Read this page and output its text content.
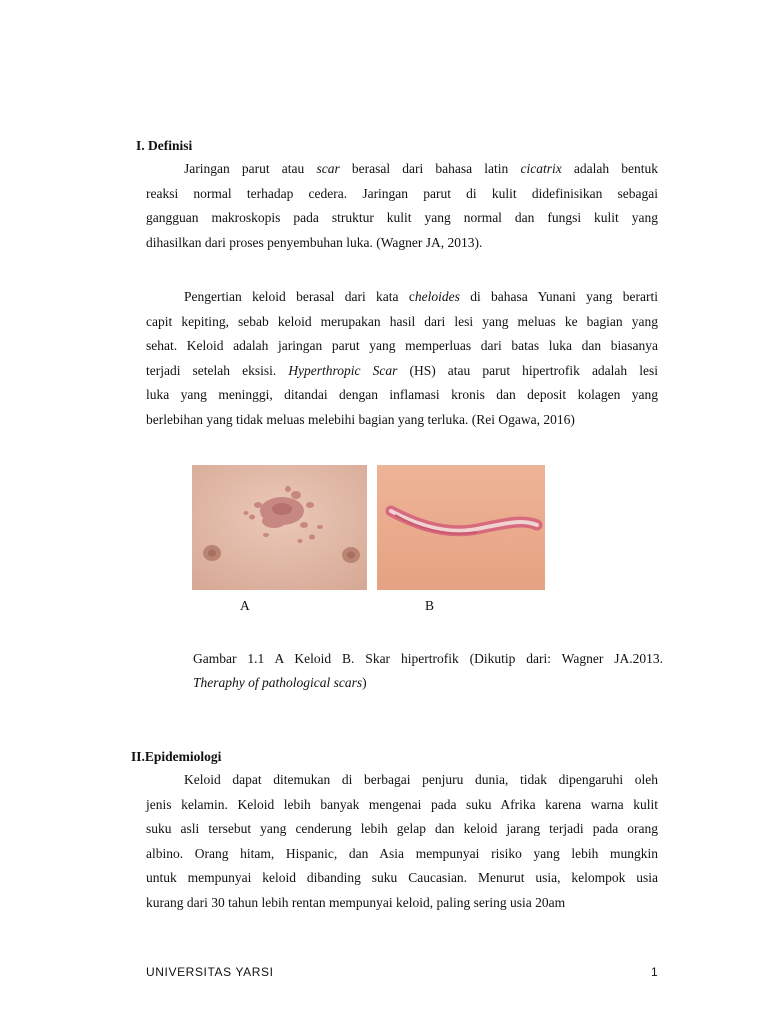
I. Definisi
Jaringan parut atau scar berasal dari bahasa latin cicatrix adalah bentuk
reaksi normal terhadap cedera. Jaringan parut di kulit didefinisikan sebagai
gangguan makroskopis pada struktur kulit yang normal dan fungsi kulit yang
dihasilkan dari proses penyembuhan luka. (Wagner JA, 2013).
Pengertian keloid berasal dari kata cheloides di bahasa Yunani yang berarti
capit kepiting, sebab keloid merupakan hasil dari lesi yang meluas ke bagian yang
sehat. Keloid adalah jaringan parut yang memperluas dari batas luka dan biasanya
terjadi setelah eksisi. Hyperthropic Scar (HS) atau parut hipertrofik adalah lesi
luka yang meninggi, ditandai dengan inflamasi kronis dan deposit kolagen yang
berlebihan yang tidak meluas melebihi bagian yang terluka. (Rei Ogawa, 2016)
A	B
Gambar 1.1 A Keloid B. Skar hipertrofik (Dikutip dari: Wagner JA.2013.
Theraphy of pathological scars)
II.Epidemiologi
Keloid dapat ditemukan di berbagai penjuru dunia, tidak dipengaruhi oleh
jenis kelamin. Keloid lebih banyak mengenai pada suku Afrika karena warna kulit
suku asli tersebut yang cenderung lebih gelap dan keloid jarang terjadi pada orang
albino. Orang hitam, Hispanic, dan Asia mempunyai risiko yang lebih mungkin
untuk mempunyai keloid dibanding suku Caucasian. Menurut usia, kelompok usia
kurang dari 30 tahun lebih rentan mempunyai keloid, paling sering usia 20am
UNIVERSITAS YARSI	1
